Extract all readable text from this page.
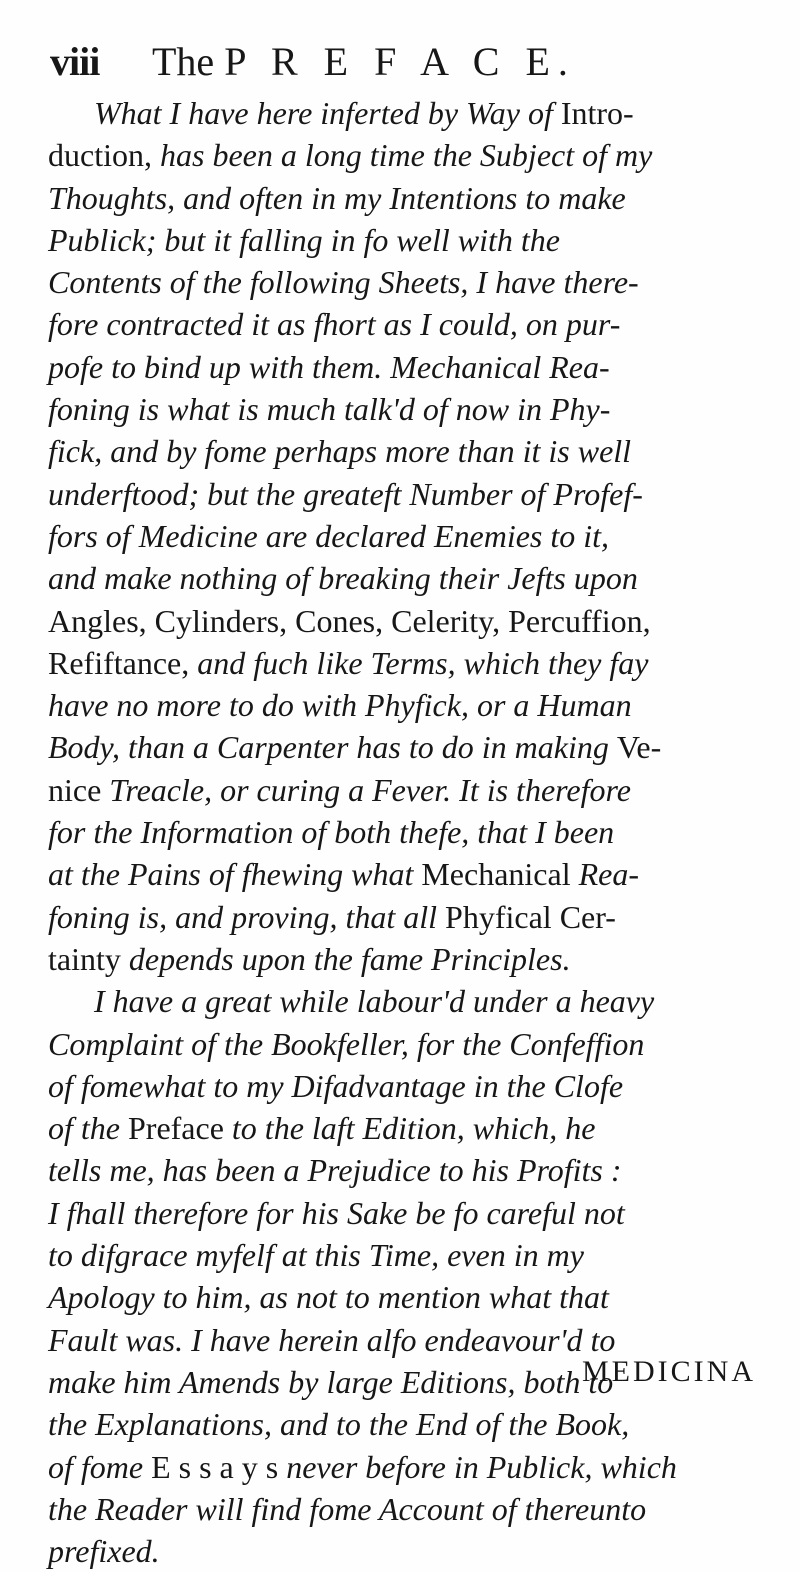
viii The P R E F A C E.
What I have here inferted by Way of Intro-
duction, has been a long time the Subject of my
Thoughts, and often in my Intentions to make
Publick; but it falling in fo well with the
Contents of the following Sheets, I have there-
fore contracted it as fhort as I could, on pur-
pofe to bind up with them. Mechanical Rea-
foning is what is much talk'd of now in Phy-
fick, and by fome perhaps more than it is well
underftood; but the greateft Number of Profef-
fors of Medicine are declared Enemies to it,
and make nothing of breaking their Jefts upon
Angles, Cylinders, Cones, Celerity, Percuffion,
Refiftance, and fuch like Terms, which they fay
have no more to do with Phyfick, or a Human
Body, than a Carpenter has to do in making Ve-
nice Treacle, or curing a Fever. It is therefore
for the Information of both thefe, that I been
at the Pains of fhewing what Mechanical Rea-
foning is, and proving, that all Phyfical Cer-
tainty depends upon the fame Principles.
I have a great while labour'd under a heavy
Complaint of the Bookfeller, for the Confeffion
of fomewhat to my Difadvantage in the Clofe
of the Preface to the laft Edition, which, he
tells me, has been a Prejudice to his Profits :
I fhall therefore for his Sake be fo careful not
to difgrace myfelf at this Time, even in my
Apology to him, as not to mention what that
Fault was. I have herein alfo endeavour'd to
make him Amends by large Editions, both to
the Explanations, and to the End of the Book,
of fome E s s a y s never before in Publick, which
the Reader will find fome Account of thereunto
prefixed.
MEDICINA
